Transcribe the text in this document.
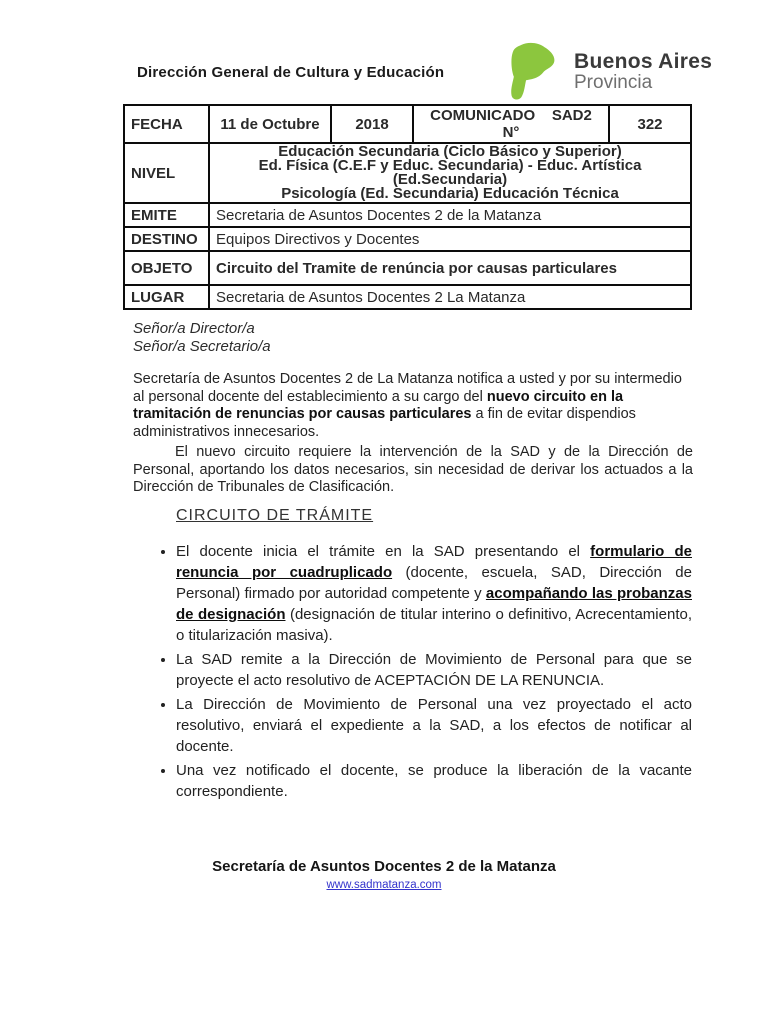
Dirección General de Cultura y Educación	Buenos Aires
Provincia
FECHA	11 de Octubre	2018	COMUNICADO    SAD2   N°	322
NIVEL	Educación Secundaria (Ciclo Básico y Superior)
Ed. Física (C.E.F y Educ. Secundaria) - Educ. Artística (Ed.Secundaria)
Psicología (Ed. Secundaria) Educación Técnica			

EMITE	Secretaria de Asuntos Docentes 2 de la Matanza			
DESTINO	Equipos Directivos y Docentes			
OBJETO	Circuito del Tramite de renúncia por causas particulares			
LUGAR	Secretaria de Asuntos Docentes 2 La Matanza			
Señor/a Director/a
Señor/a Secretario/a
Secretaría de Asuntos Docentes 2 de La Matanza notifica a usted y por su intermedio al personal docente del establecimiento a su cargo del nuevo circuito en la tramitación de renuncias por causas particulares a fin de evitar dispendios administrativos innecesarios.
El nuevo circuito requiere la intervención de la SAD y de la Dirección de Personal, aportando los datos necesarios, sin necesidad de derivar los actuados a la Dirección de Tribunales de Clasificación.
CIRCUITO DE TRÁMITE
• El docente inicia el trámite en la SAD presentando el formulario de renuncia por cuadruplicado (docente, escuela, SAD, Dirección de Personal) firmado por autoridad competente y acompañando las probanzas de designación (designación de titular interino o definitivo, Acrecentamiento, o titularización masiva).
• La SAD remite a la Dirección de Movimiento de Personal para que se proyecte el acto resolutivo de ACEPTACIÓN DE LA RENUNCIA.
• La Dirección de Movimiento de Personal una vez proyectado el acto resolutivo, enviará el expediente a la SAD, a los efectos de notificar al docente.
• Una vez notificado el docente, se produce la liberación de la vacante correspondiente.
Secretaría de Asuntos Docentes 2 de la Matanza
www.sadmatanza.com
